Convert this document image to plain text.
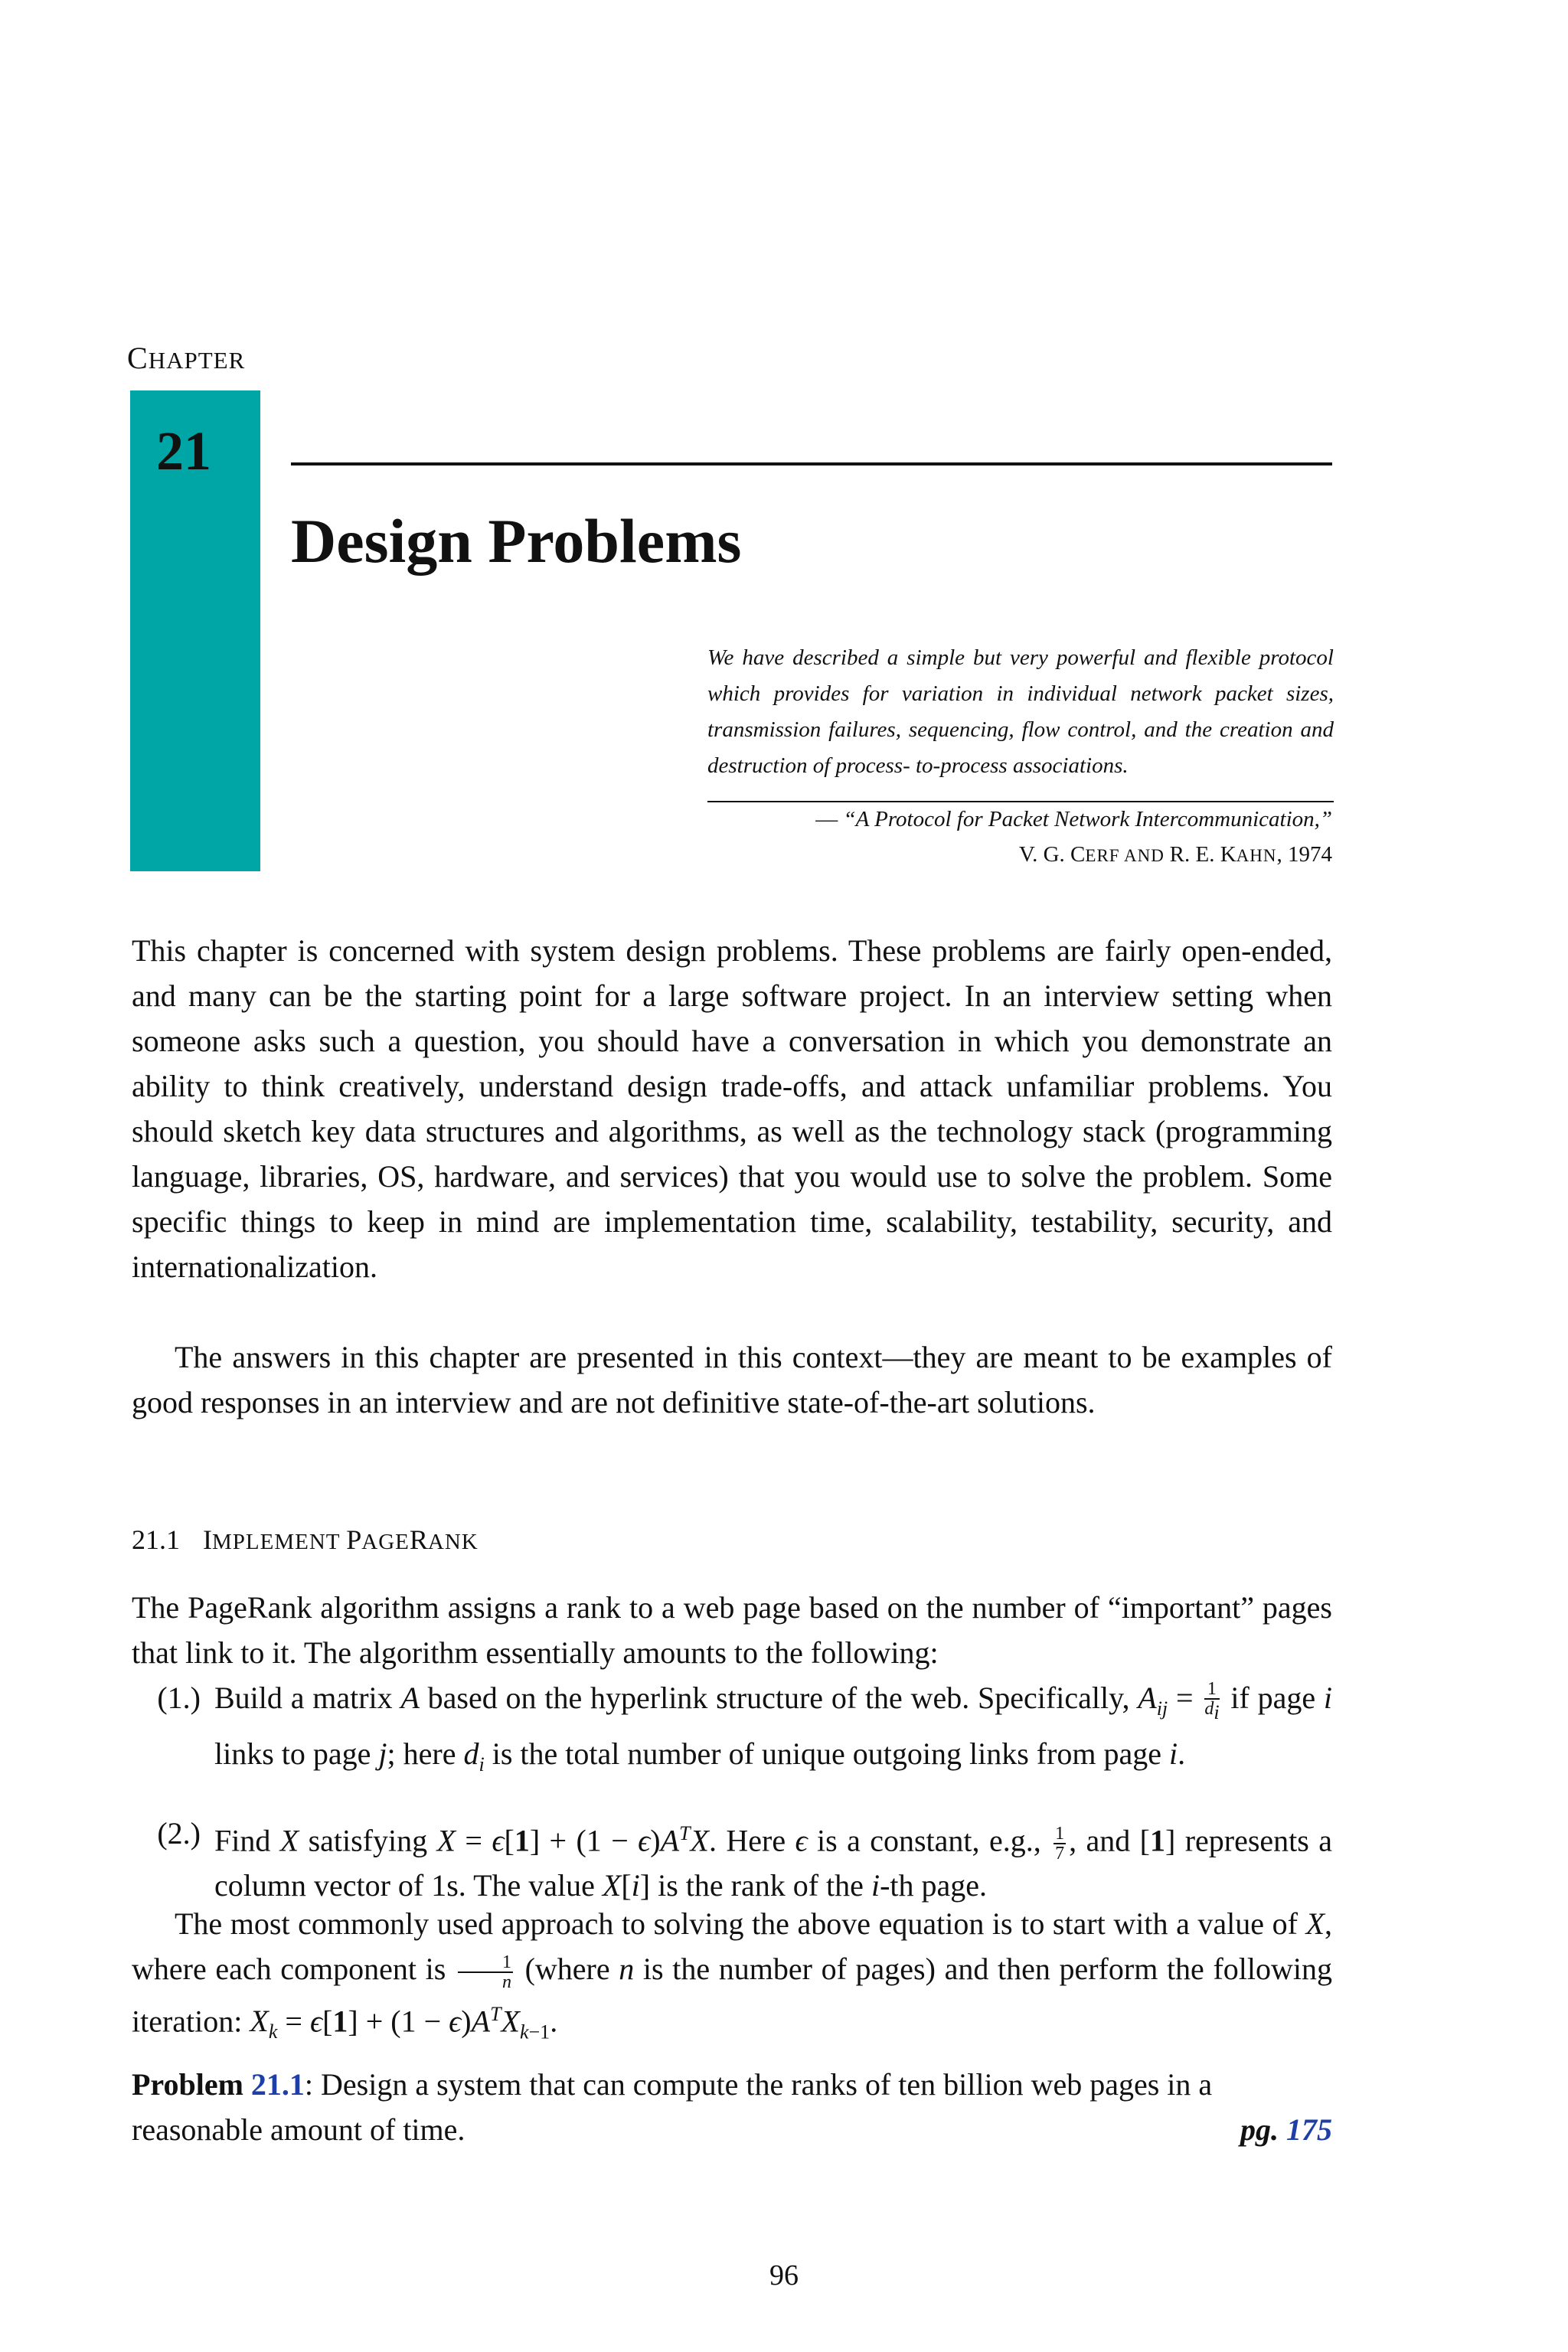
CHAPTER
21
Design Problems
We have described a simple but very powerful and flexible protocol which provides for variation in individual network packet sizes, transmission failures, sequencing, flow control, and the creation and destruction of process- to-process associations.
— “A Protocol for Packet Network Intercommunication,”
V. G. CERF AND R. E. KAHN, 1974
This chapter is concerned with system design problems. These problems are fairly open-ended, and many can be the starting point for a large software project. In an interview setting when someone asks such a question, you should have a conversation in which you demonstrate an ability to think creatively, understand design trade-offs, and attack unfamiliar problems. You should sketch key data structures and algorithms, as well as the technology stack (programming language, libraries, OS, hardware, and services) that you would use to solve the problem. Some specific things to keep in mind are implementation time, scalability, testability, security, and internationalization.
The answers in this chapter are presented in this context—they are meant to be examples of good responses in an interview and are not definitive state-of-the-art solutions.
21.1 IMPLEMENT PAGERANK
The PageRank algorithm assigns a rank to a web page based on the number of “important” pages that link to it. The algorithm essentially amounts to the following:
(1.) Build a matrix A based on the hyperlink structure of the web. Specifically, $A_{ij} = \frac{1}{d_i}$ if page i links to page j; here $d_i$ is the total number of unique outgoing links from page i.
(2.) Find X satisfying $X = \epsilon[1] + (1 - \epsilon)A^TX$. Here ϵ is a constant, e.g., $\frac{1}{7}$ , and [1] represents a column vector of 1s. The value X[i] is the rank of the i-th page.
The most commonly used approach to solving the above equation is to start with a value of X, where each component is $\frac{1}{n}$ (where n is the number of pages) and then perform the following iteration: $X_k = \epsilon[1] + (1 - \epsilon)A^TX_{k-1}$.
Problem 21.1: Design a system that can compute the ranks of ten billion web pages in a reasonable amount of time.	pg. 175
96
